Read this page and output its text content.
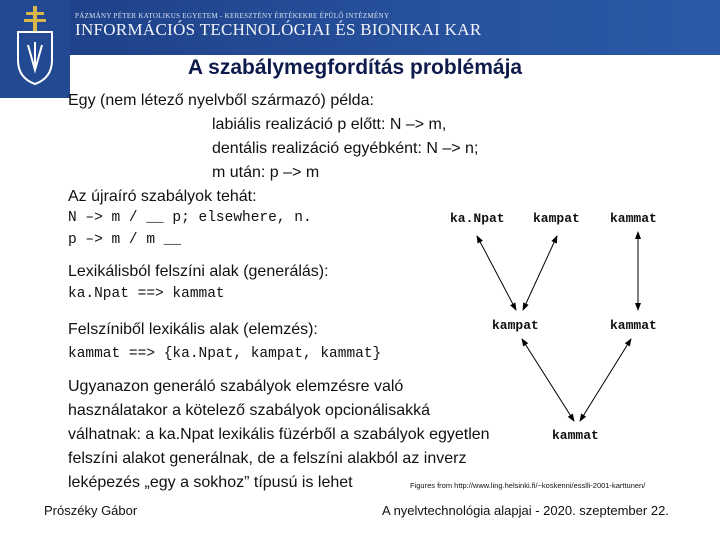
PÁZMÁNY PÉTER KATOLIKUS EGYETEM - KERESZTÉNY ÉRTÉKEKRE ÉPÜLŐ INTÉZMÉNY
INFORMÁCIÓS TECHNOLÓGIAI ÉS BIONIKAI KAR
A szabálymegfordítás problémája
Egy (nem létező nyelvből származó) példa:
labiális realizáció p előtt: N –> m,
dentális realizáció egyébként: N –> n;
m után: p –> m
Az újraíró szabályok tehát:
N –> m / __ p; elsewhere, n.
p –> m / m __
Lexikálisból felszíni alak (generálás):
ka.Npat ==> kammat
Felszíniből lexikális alak (elemzés):
kammat ==> {ka.Npat, kampat, kammat}
Ugyanazon generáló szabályok elemzésre való
használatakor a kötelező szabályok opcionálisakká
válhatnak: a ka.Npat lexikális füzérből a szabályok egyetlen
felszíni alakot generálnak, de a felszíni alakból az inverz
leképezés „egy a sokhoz” típusú is lehet
ka.Npat kampat kammat
kampat	kammat
kammat
Figures from http://www.ling.helsinki.fi/~koskenni/esslli-2001-karttunen/
Prószéky Gábor	A nyelvtechnológia alapjai - 2020. szeptember 22.
